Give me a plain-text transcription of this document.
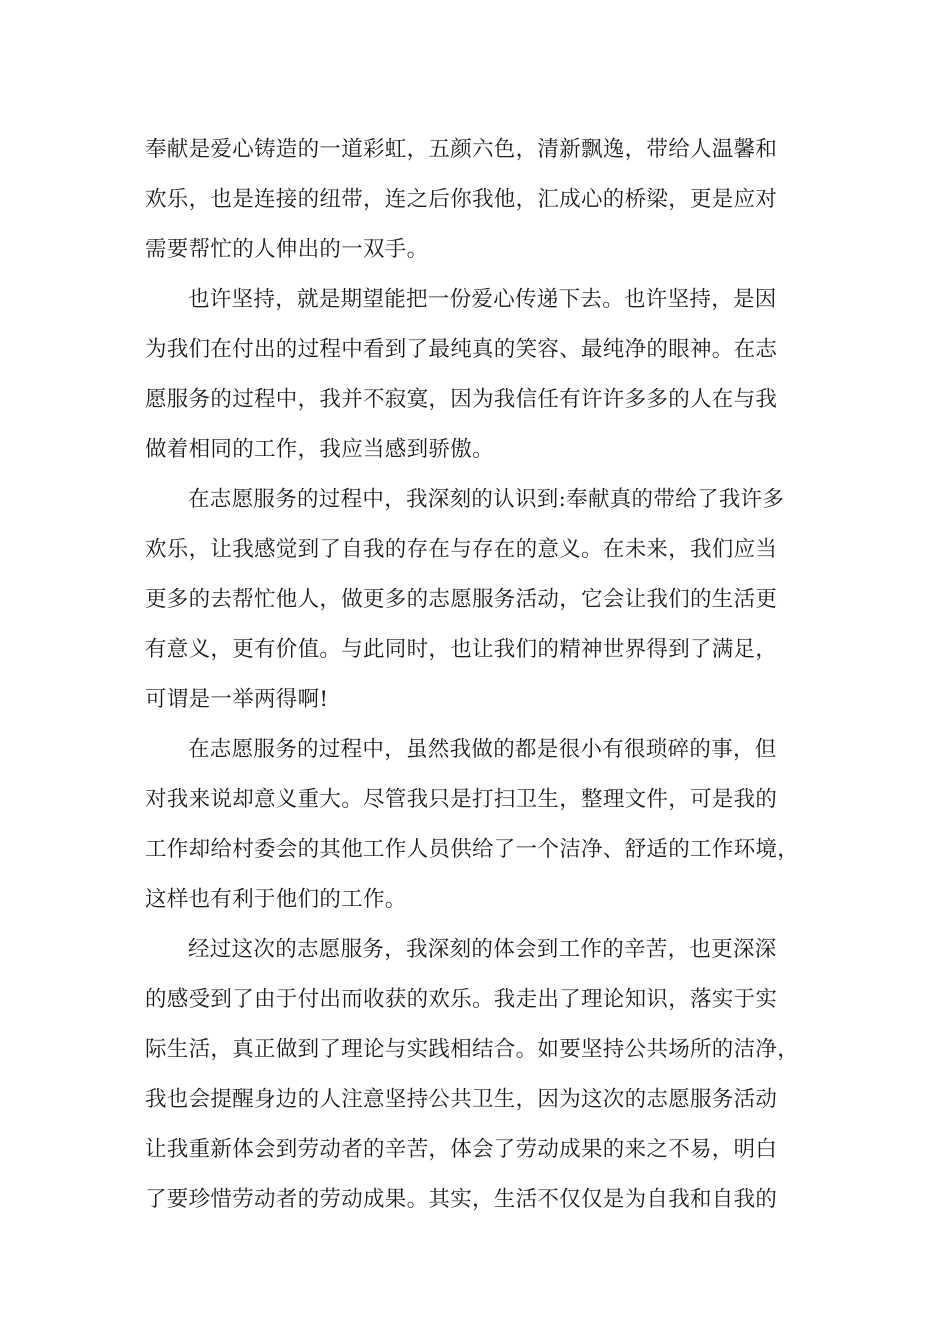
奉献是爱心铸造的一道彩虹，五颜六色，清新飘逸，带给人温馨和
欢乐，也是连接的纽带，连之后你我他，汇成心的桥梁，更是应对
需要帮忙的人伸出的一双手。
也许坚持，就是期望能把一份爱心传递下去。也许坚持，是因
为我们在付出的过程中看到了最纯真的笑容、最纯净的眼神。在志
愿服务的过程中，我并不寂寞，因为我信任有许许多多的人在与我
做着相同的工作，我应当感到骄傲。
在志愿服务的过程中，我深刻的认识到:奉献真的带给了我许多
欢乐，让我感觉到了自我的存在与存在的意义。在未来，我们应当
更多的去帮忙他人，做更多的志愿服务活动，它会让我们的生活更
有意义，更有价值。与此同时，也让我们的精神世界得到了满足，
可谓是一举两得啊!
在志愿服务的过程中，虽然我做的都是很小有很琐碎的事，但
对我来说却意义重大。尽管我只是打扫卫生，整理文件，可是我的
工作却给村委会的其他工作人员供给了一个洁净、舒适的工作环境，
这样也有利于他们的工作。
经过这次的志愿服务，我深刻的体会到工作的辛苦，也更深深
的感受到了由于付出而收获的欢乐。我走出了理论知识，落实于实
际生活，真正做到了理论与实践相结合。如要坚持公共场所的洁净，
我也会提醒身边的人注意坚持公共卫生，因为这次的志愿服务活动
让我重新体会到劳动者的辛苦，体会了劳动成果的来之不易，明白
了要珍惜劳动者的劳动成果。其实，生活不仅仅是为自我和自我的
